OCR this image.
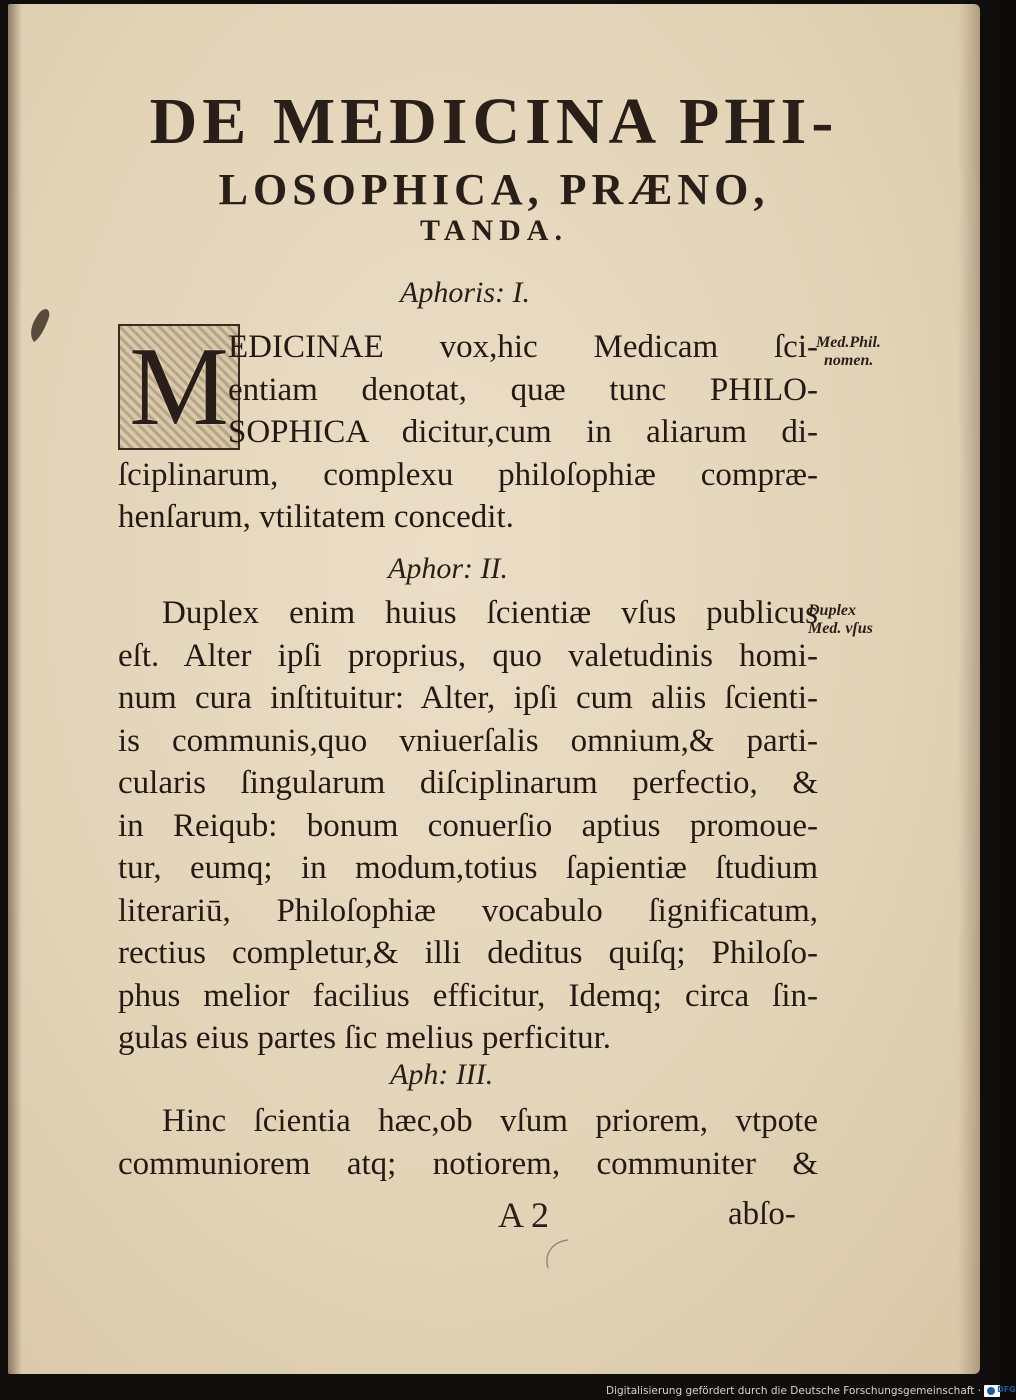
DE MEDICINA PHI-
LOSOPHICA, PRÆNO,
TANDA.

Aphoris: I.

M EDICINAE vox,hic Medicam ſci-
entiam denotat, quæ tunc PHILO-
SOPHICA dicitur,cum in aliarum di-
ſciplinarum, complexu philoſophiæ compræ-
henſarum, vtilitatem concedit.
Med.Phil.
nomen.

Aphor: II.

Duplex enim huius ſcientiæ vſus publicus
eſt. Alter ipſi proprius, quo valetudinis homi-
num cura inſtituitur: Alter, ipſi cum aliis ſcienti-
is communis,quo vniuerſalis omnium,& parti-
cularis ſingularum diſciplinarum perfectio, &
in Reiqub: bonum conuerſio aptius promoue-
tur, eumq; in modum,totius ſapientiæ ſtudium
literariū, Philoſophiæ vocabulo ſignificatum,
rectius completur,& illi deditus quiſq; Philoſo-
phus melior facilius efficitur, Idemq; circa ſin-
gulas eius partes ſic melius perficitur.
Duplex
Med. vſus

Aph: III.

Hinc ſcientia hæc,ob vſum priorem, vtpote
communiorem atq; notiorem, communiter &

A 2	abſo-

Digitalisierung gefördert durch die Deutsche Forschungsgemeinschaft · DFG
